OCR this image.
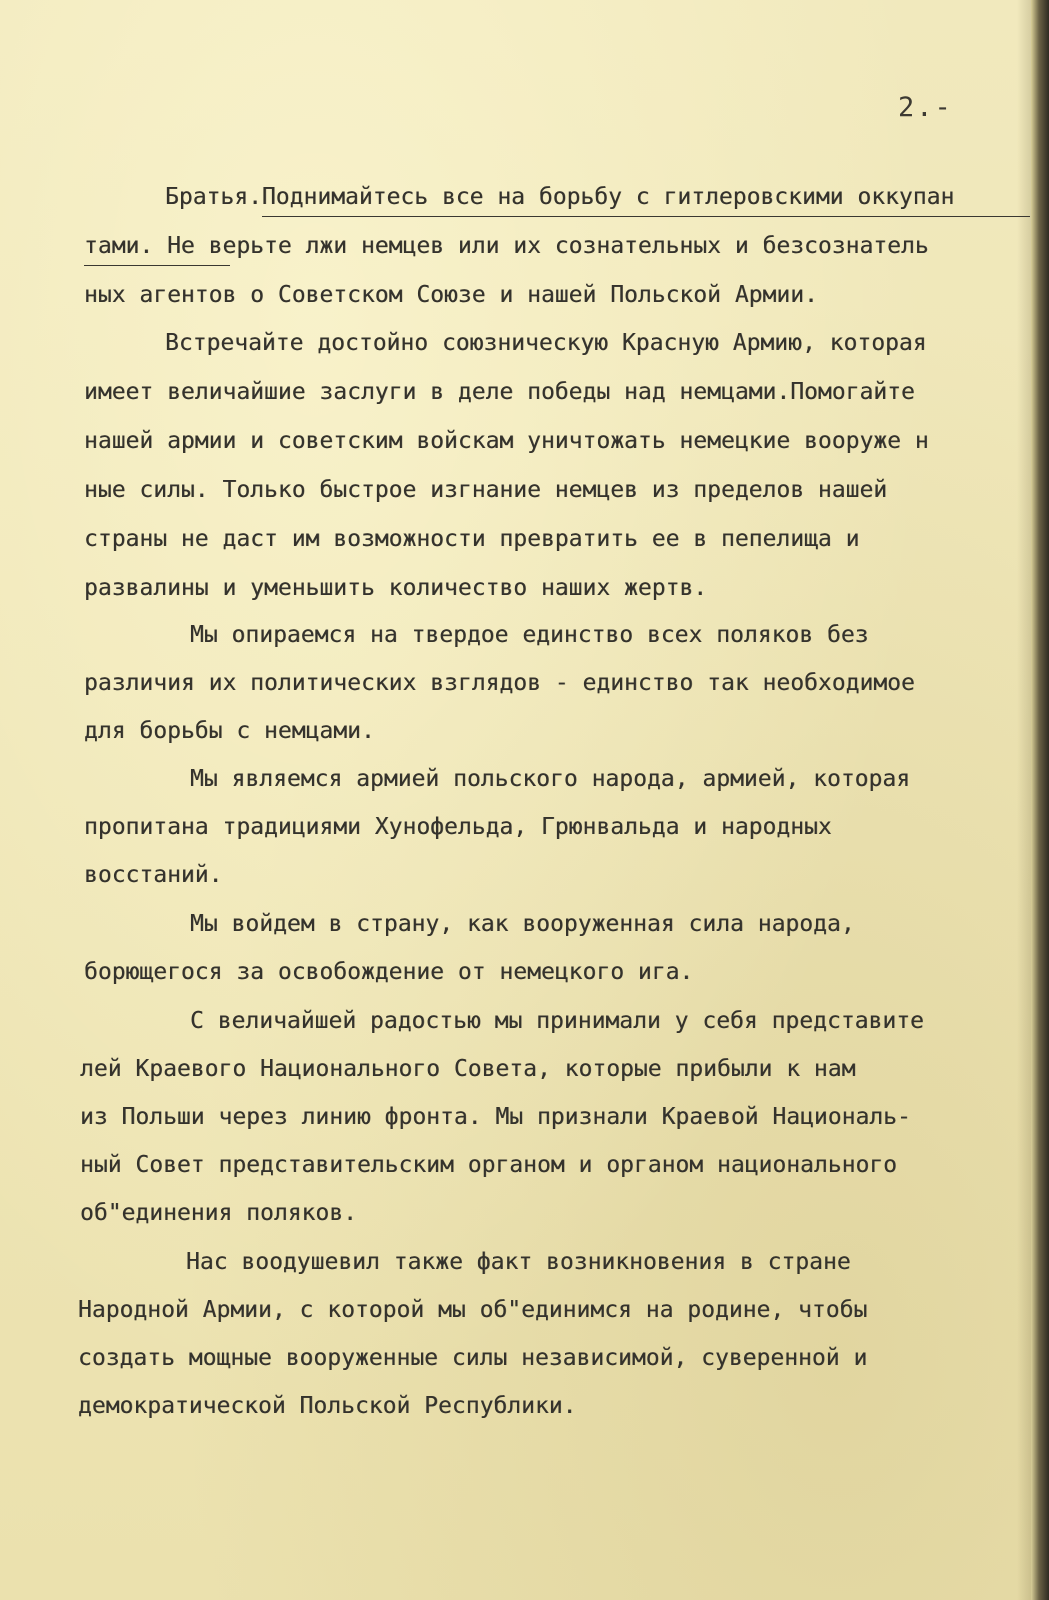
2.-
Братья.Поднимайтесь все на борьбу с гитлеровскими оккупан
тами. Не верьте лжи немцев или их сознательных и безсознатель
ных агентов о Советском Союзе и нашей Польской Армии.
Встречайте достойно союзническую Красную Армию, которая
имеет величайшие заслуги в деле победы над немцами.Помогайте
нашей армии и советским войскам уничтожать немецкие вооруже н
ные силы. Только быстрое изгнание немцев из пределов нашей
страны не даст им возможности превратить ее в пепелища и
развалины и уменьшить количество наших жертв.
Мы опираемся на твердое единство всех поляков без
различия их политических взглядов - единство так необходимое
для борьбы с немцами.
Мы являемся армией польского народа, армией, которая
пропитана традициями Хунофельда, Грюнвальда и народных
восстаний.
Мы войдем в страну, как вооруженная сила народа,
борющегося за освобождение от немецкого ига.
С величайшей радостью мы принимали у себя представите
лей Краевого Национального Совета, которые прибыли к нам
из Польши через линию фронта. Мы признали Краевой Националь-
ный Совет представительским органом и органом национального
об"единения поляков.
Нас воодушевил также факт возникновения в стране
Народной Армии, с которой мы об"единимся на родине, чтобы
создать мощные вооруженные силы независимой, суверенной и
демократической Польской Республики.
